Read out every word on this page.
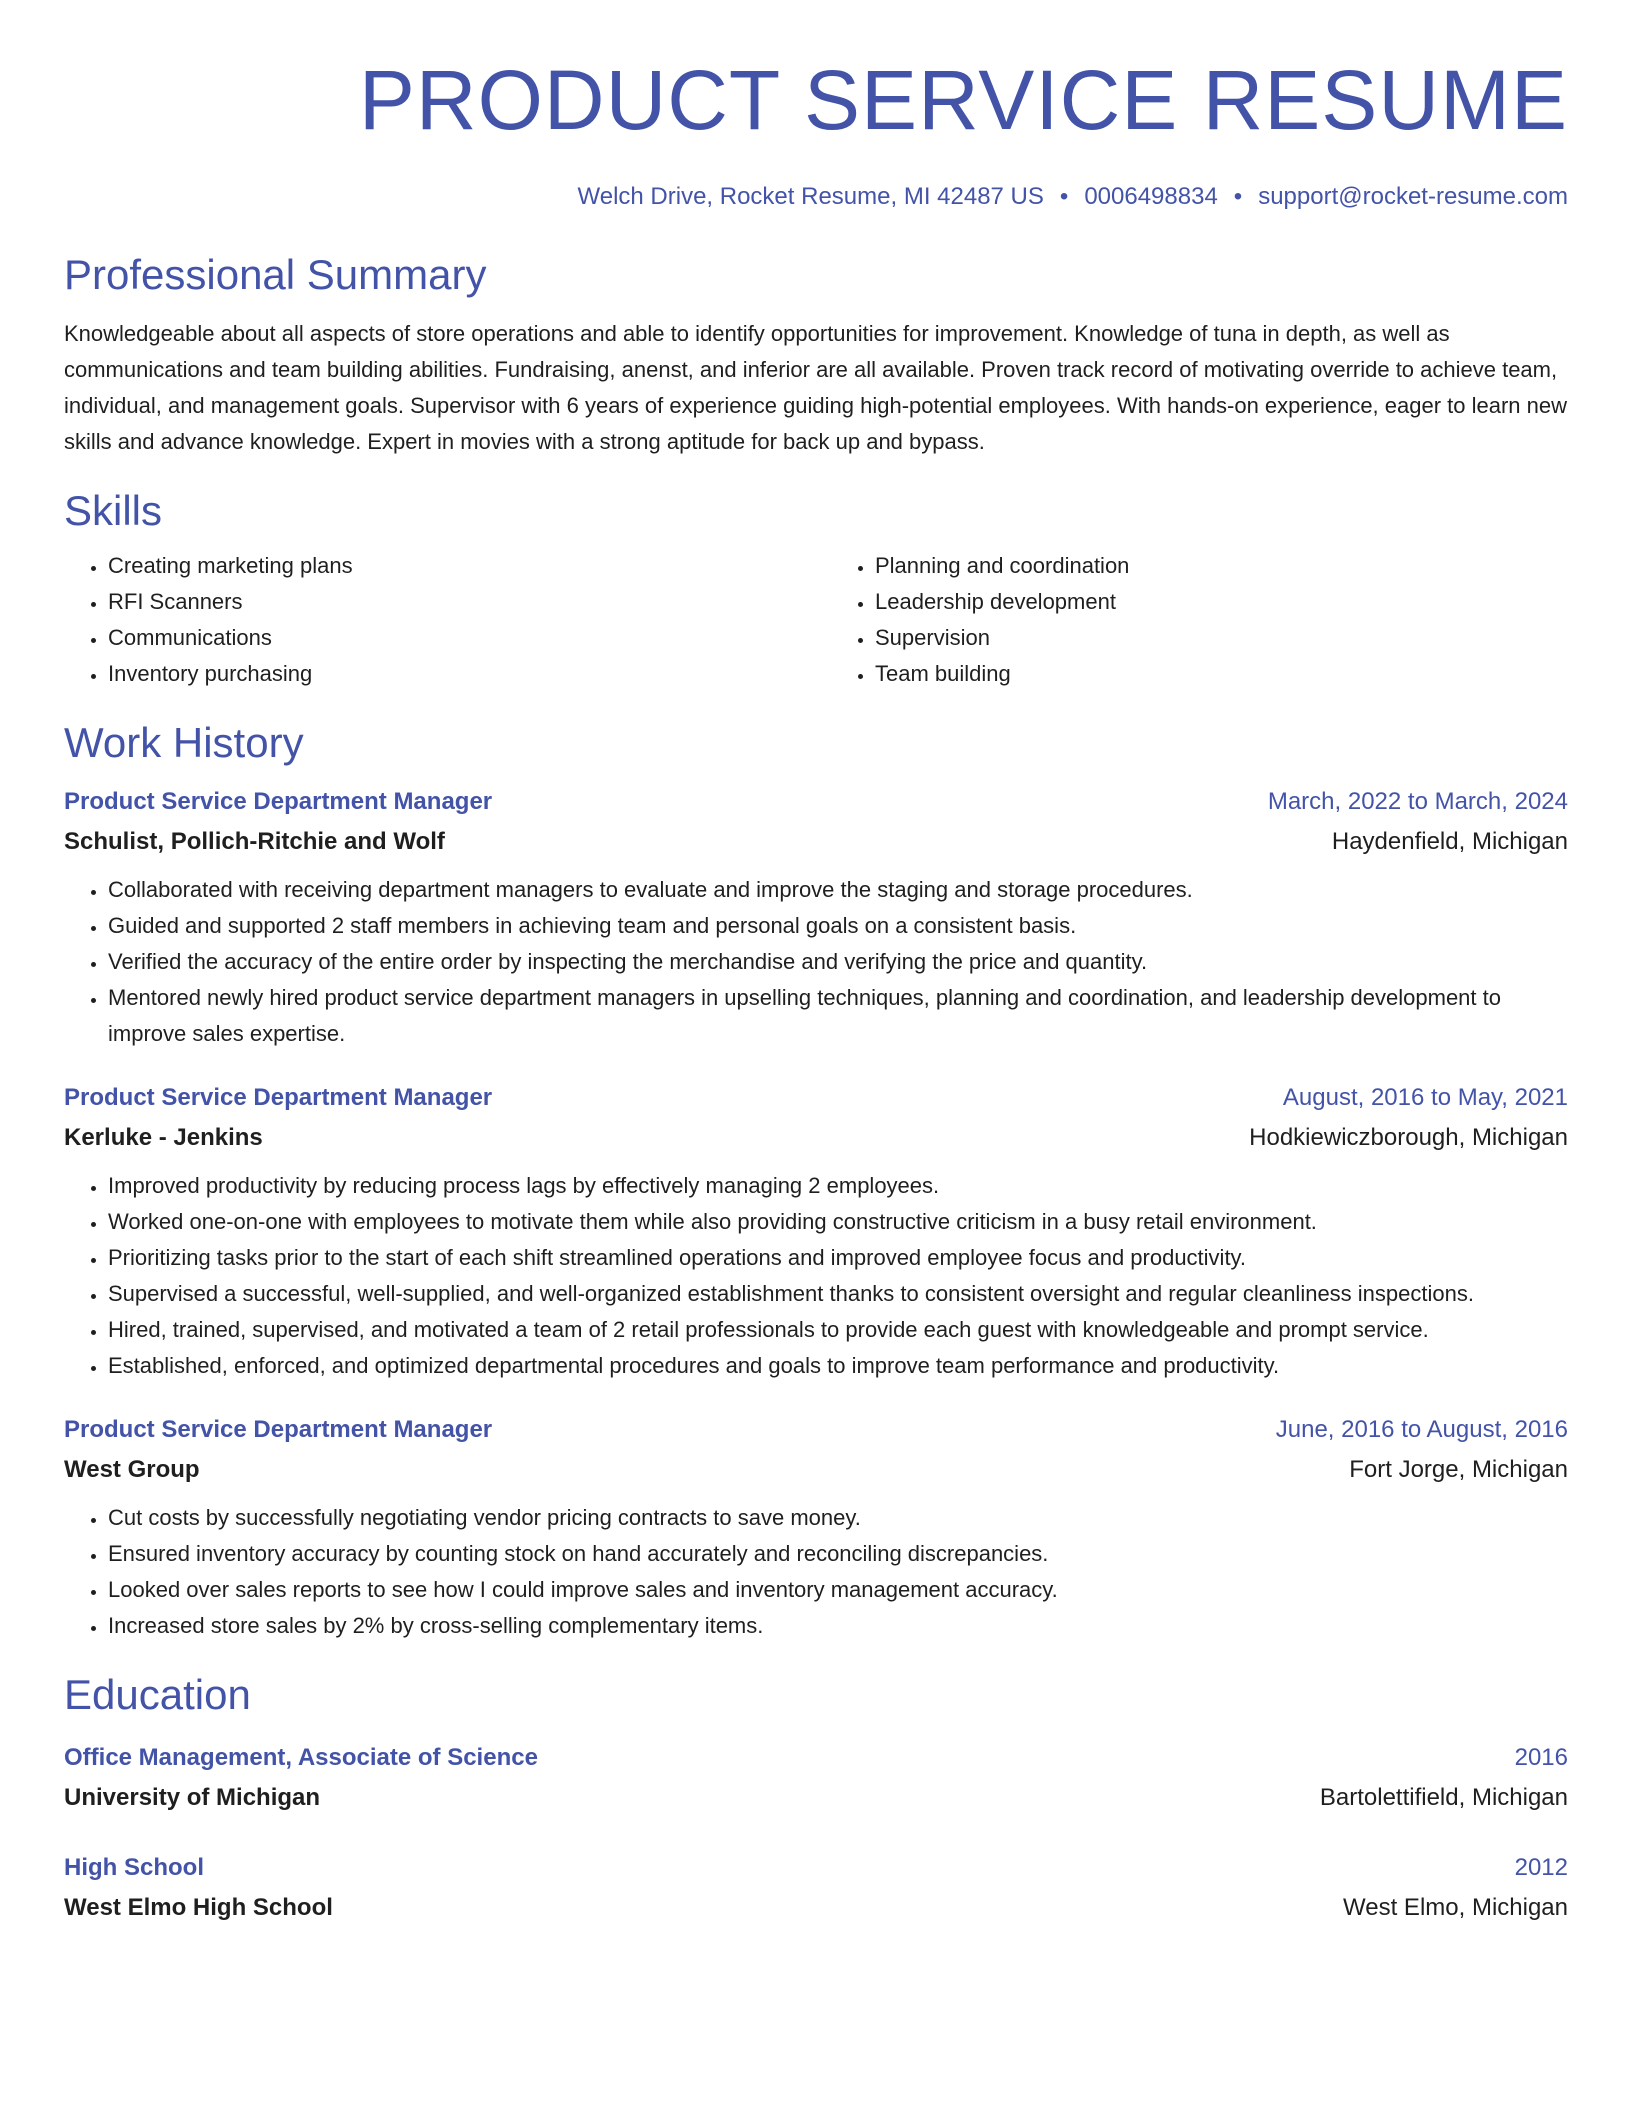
PRODUCT SERVICE RESUME
Welch Drive, Rocket Resume, MI 42487 US • 0006498834 • support@rocket-resume.com
Professional Summary
Knowledgeable about all aspects of store operations and able to identify opportunities for improvement. Knowledge of tuna in depth, as well as communications and team building abilities. Fundraising, anenst, and inferior are all available. Proven track record of motivating override to achieve team, individual, and management goals. Supervisor with 6 years of experience guiding high-potential employees. With hands-on experience, eager to learn new skills and advance knowledge. Expert in movies with a strong aptitude for back up and bypass.
Skills
• Creating marketing plans
• RFI Scanners
• Communications
• Inventory purchasing
• Planning and coordination
• Leadership development
• Supervision
• Team building
Work History
Product Service Department Manager	March, 2022 to March, 2024
Schulist, Pollich-Ritchie and Wolf	Haydenfield, Michigan
• Collaborated with receiving department managers to evaluate and improve the staging and storage procedures.
• Guided and supported 2 staff members in achieving team and personal goals on a consistent basis.
• Verified the accuracy of the entire order by inspecting the merchandise and verifying the price and quantity.
• Mentored newly hired product service department managers in upselling techniques, planning and coordination, and leadership development to improve sales expertise.
Product Service Department Manager	August, 2016 to May, 2021
Kerluke - Jenkins	Hodkiewiczborough, Michigan
• Improved productivity by reducing process lags by effectively managing 2 employees.
• Worked one-on-one with employees to motivate them while also providing constructive criticism in a busy retail environment.
• Prioritizing tasks prior to the start of each shift streamlined operations and improved employee focus and productivity.
• Supervised a successful, well-supplied, and well-organized establishment thanks to consistent oversight and regular cleanliness inspections.
• Hired, trained, supervised, and motivated a team of 2 retail professionals to provide each guest with knowledgeable and prompt service.
• Established, enforced, and optimized departmental procedures and goals to improve team performance and productivity.
Product Service Department Manager	June, 2016 to August, 2016
West Group	Fort Jorge, Michigan
• Cut costs by successfully negotiating vendor pricing contracts to save money.
• Ensured inventory accuracy by counting stock on hand accurately and reconciling discrepancies.
• Looked over sales reports to see how I could improve sales and inventory management accuracy.
• Increased store sales by 2% by cross-selling complementary items.
Education
Office Management, Associate of Science	2016
University of Michigan	Bartolettifield, Michigan
High School	2012
West Elmo High School	West Elmo, Michigan
